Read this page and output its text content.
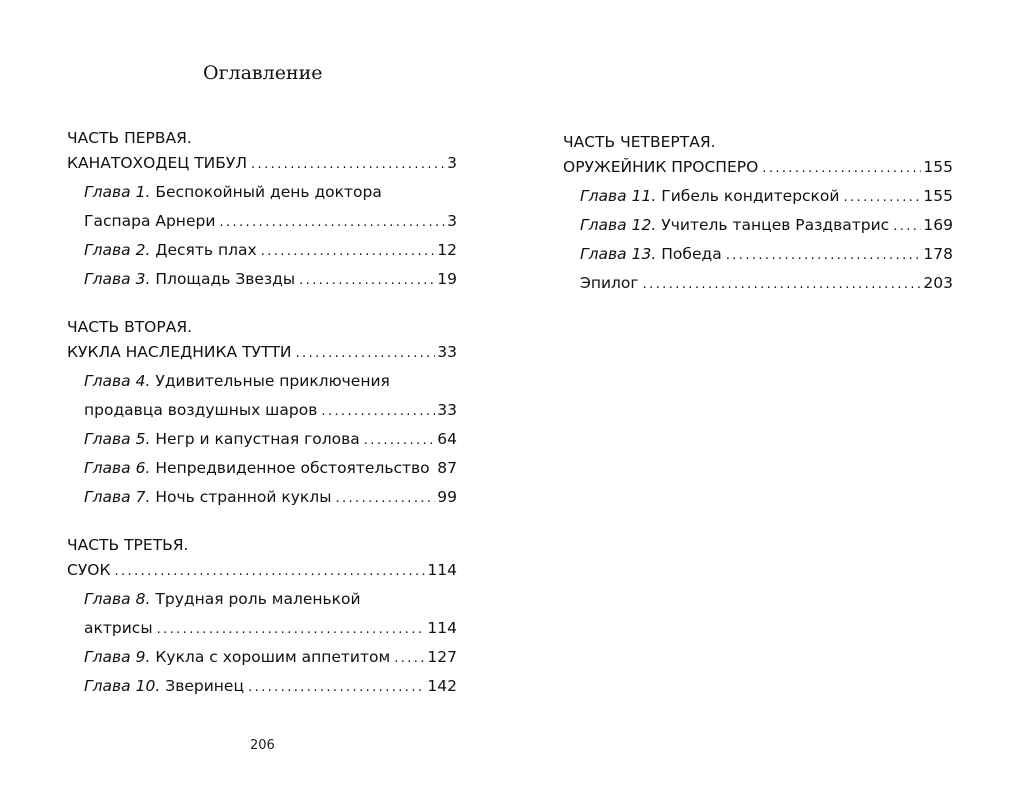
Оглавление
ЧАСТЬ ПЕРВАЯ.
КАНАТОХОДЕЦ ТИБУЛ .....	3
Глава 1. Беспокойный день доктора
Гаспара Арнери .....	3
Глава 2. Десять плах .....	12
Глава 3. Площадь Звезды .....	19
ЧАСТЬ ВТОРАЯ.
КУКЛА НАСЛЕДНИКА ТУТТИ .....	33
Глава 4. Удивительные приключения
продавца воздушных шаров .....	33
Глава 5. Негр и капустная голова .....	64
Глава 6. Непредвиденное обстоятельство ..... 87
Глава 7. Ночь странной куклы .....	99
ЧАСТЬ ТРЕТЬЯ.
СУОК .....	114
Глава 8. Трудная роль маленькой
актрисы .....	114
Глава 9. Кукла с хорошим аппетитом ..... 127
Глава 10. Зверинец .....	142
ЧАСТЬ ЧЕТВЕРТАЯ.
ОРУЖЕЙНИК ПРОСПЕРО .....	155
Глава 11. Гибель кондитерской .....	155
Глава 12. Учитель танцев Раздватрис ..... 169
Глава 13. Победа .....	178
Эпилог .....	203
206
